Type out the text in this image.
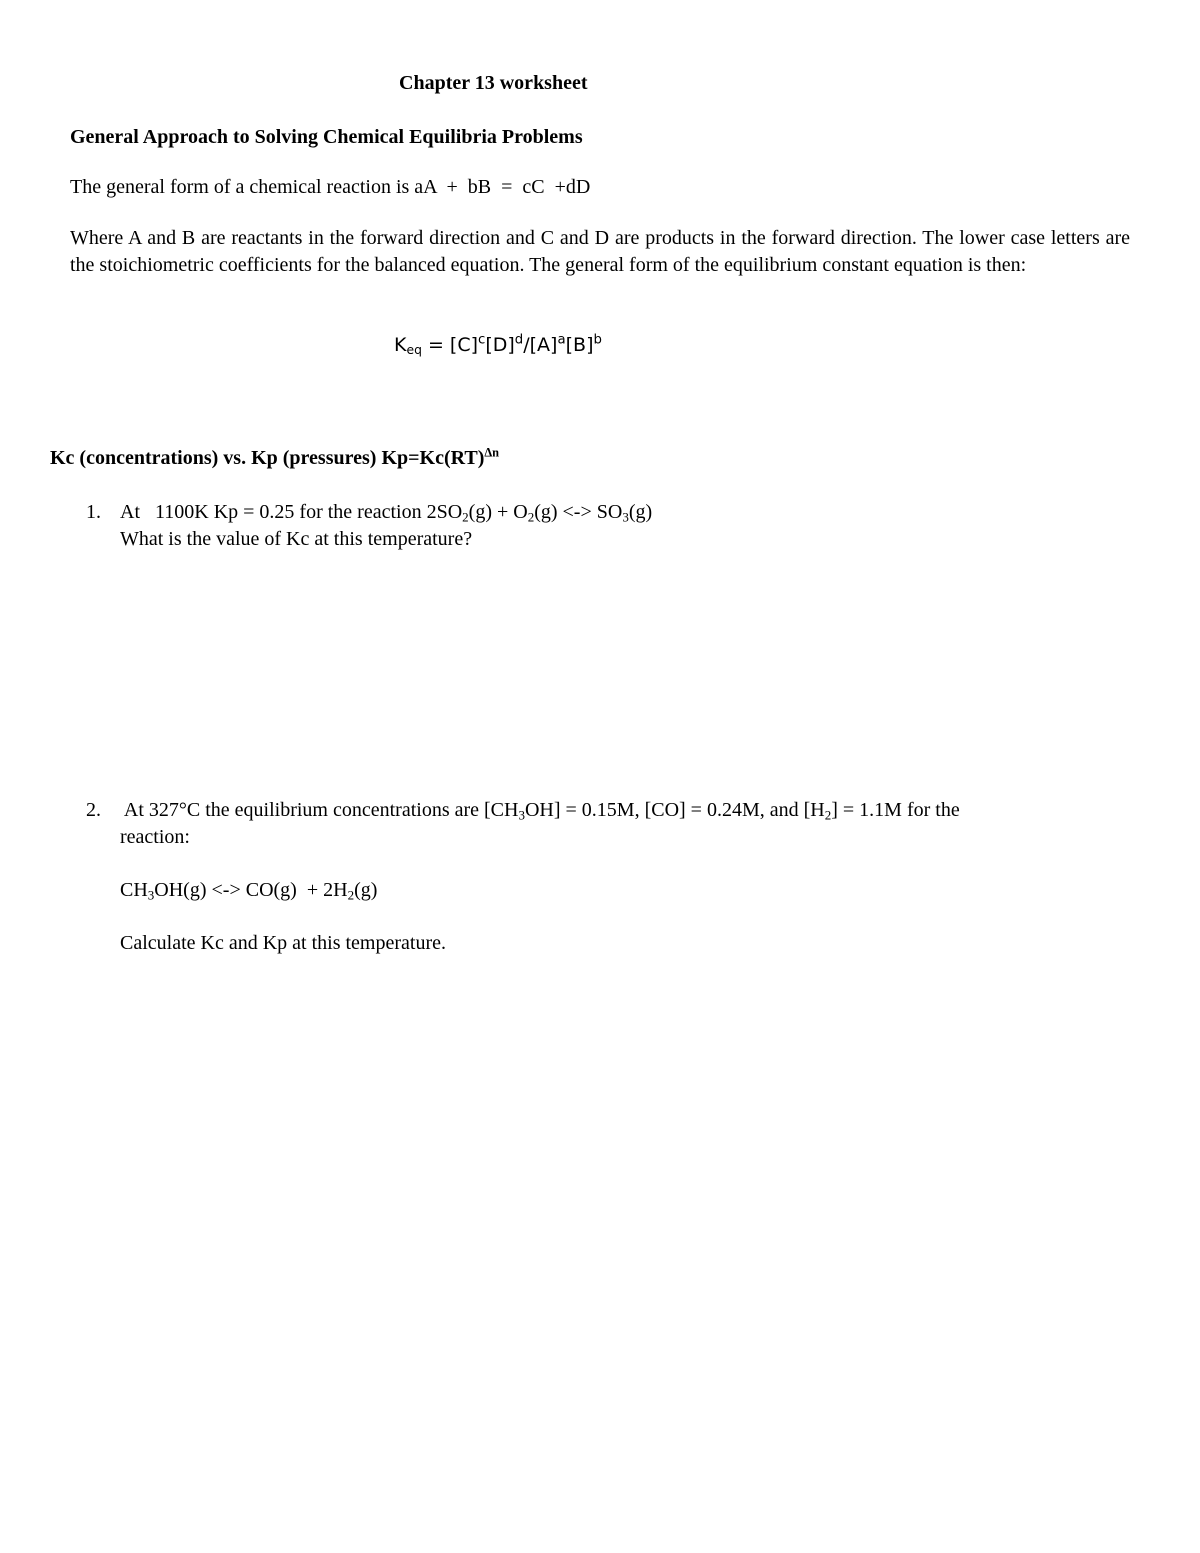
Chapter 13 worksheet
General Approach to Solving Chemical Equilibria Problems
The general form of a chemical reaction is aA  +  bB  =  cC  +dD
Where A and B are reactants in the forward direction and C and D are products in the forward direction. The lower case letters are the stoichiometric coefficients for the balanced equation. The general form of the equilibrium constant equation is then:
$K_{eq} = [C]^c[D]^d/[A]^a[B]^b$
Kc (concentrations) vs. Kp (pressures) Kp=Kc(RT)$^{\Delta n}$
1. At   1100K Kp = 0.25 for the reaction $2SO_2(g) + O_2(g)$ <-> $SO_3(g)$
What is the value of Kc at this temperature?
2. At 327°C the equilibrium concentrations are $[CH_3OH] = 0.15M$, [CO] = 0.24M, and $[H_2] = 1.1M$ for the
reaction:
$CH_3OH(g)$ <-> $CO(g) + 2H_2(g)$
Calculate Kc and Kp at this temperature.
